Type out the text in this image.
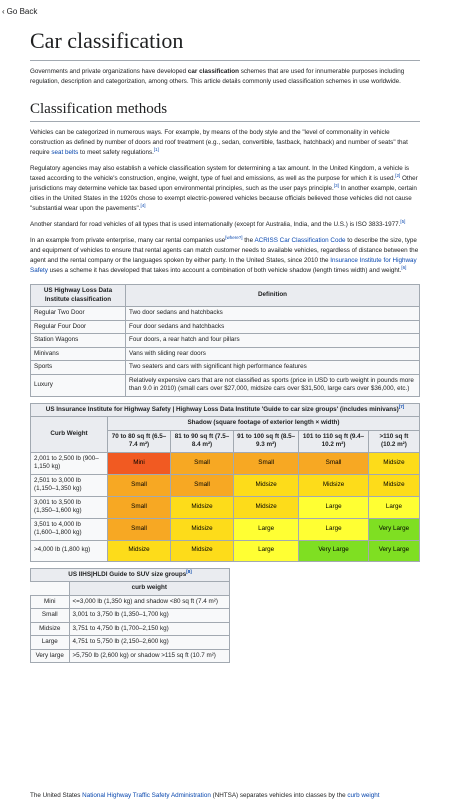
‹ Go Back
Car classification

Governments and private organizations have developed car classification schemes that are used for innumerable purposes including regulation, description and categorization, among others. This article details commonly used classification schemes in use worldwide.

Classification methods

Vehicles can be categorized in numerous ways. For example, by means of the body style and the "level of commonality in vehicle construction as defined by number of doors and roof treatment (e.g., sedan, convertible, fastback, hatchback) and number of seats" that require seat belts to meet safety regulations.[1]

Regulatory agencies may also establish a vehicle classification system for determining a tax amount. In the United Kingdom, a vehicle is taxed according to the vehicle's construction, engine, weight, type of fuel and emissions, as well as the purpose for which it is used.[2] Other jurisdictions may determine vehicle tax based upon environmental principles, such as the user pays principle.[3] In another example, certain cities in the United States in the 1920s chose to exempt electric-powered vehicles because officials believed those vehicles did not cause "substantial wear upon the pavements".[4]

Another standard for road vehicles of all types that is used internationally (except for Australia, India, and the U.S.) is ISO 3833-1977.[5]

In an example from private enterprise, many car rental companies use[where?] the ACRISS Car Classification Code to describe the size, type and equipment of vehicles to ensure that rental agents can match customer needs to available vehicles, regardless of distance between the agent and the rental company or the languages spoken by either party. In the United States, since 2010 the Insurance Institute for Highway Safety uses a scheme it has developed that takes into account a combination of both vehicle shadow (length times width) and weight.[6]

US Highway Loss Data Institute classification	Definition
Regular Two Door	Two door sedans and hatchbacks
Regular Four Door	Four door sedans and hatchbacks
Station Wagons	Four doors, a rear hatch and four pillars
Minivans	Vans with sliding rear doors
Sports	Two seaters and cars with significant high performance features
Luxury	Relatively expensive cars that are not classified as sports (price in USD to curb weight in pounds more than 9.0 in 2010) (small cars over $27,000, midsize cars over $31,500, large cars over $36,000, etc.)
US Insurance Institute for Highway Safety | Highway Loss Data Institute 'Guide to car size groups' (includes minivans)[7]
Curb Weight	Shadow (square footage of exterior length × width)				
	70 to 80 sq ft (6.5–7.4 m²)	81 to 90 sq ft (7.5–8.4 m²)	91 to 100 sq ft (8.5–9.3 m²)	101 to 110 sq ft (9.4–10.2 m²)	>110 sq ft (10.2 m²)
2,001 to 2,500 lb (900–1,150 kg)	Mini	Small	Small	Small	Midsize
2,501 to 3,000 lb (1,150–1,350 kg)	Small	Small	Midsize	Midsize	Midsize
3,001 to 3,500 lb (1,350–1,600 kg)	Small	Midsize	Midsize	Large	Large
3,501 to 4,000 lb (1,600–1,800 kg)	Small	Midsize	Large	Large	Very Large
>4,000 lb (1,800 kg)	Midsize	Midsize	Large	Very Large	Very Large
US IIHS|HLDI Guide to SUV size groups[8]
	curb weight
Mini	<=3,000 lb (1,350 kg) and shadow <80 sq ft (7.4 m²)
Small	3,001 to 3,750 lb (1,350–1,700 kg)
Midsize	3,751 to 4,750 lb (1,700–2,150 kg)
Large	4,751 to 5,750 lb (2,150–2,600 kg)
Very large	>5,750 lb (2,600 kg) or shadow >115 sq ft (10.7 m²)
The United States National Highway Traffic Safety Administration (NHTSA) separates vehicles into classes by the curb weight
